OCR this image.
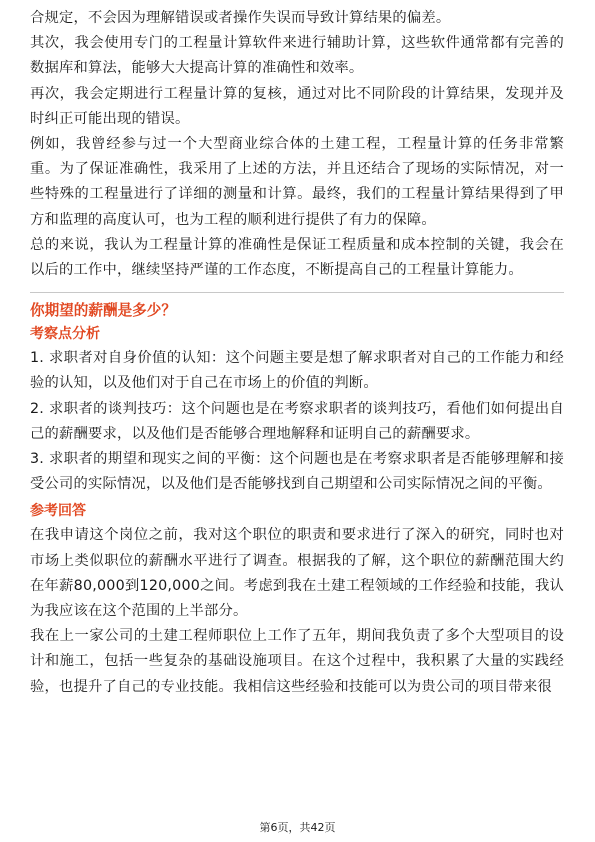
合规定，不会因为理解错误或者操作失误而导致计算结果的偏差。

其次，我会使用专门的工程量计算软件来进行辅助计算，这些软件通常都有完善的数据库和算法，能够大大提高计算的准确性和效率。

再次，我会定期进行工程量计算的复核，通过对比不同阶段的计算结果，发现并及时纠正可能出现的错误。

例如，我曾经参与过一个大型商业综合体的土建工程，工程量计算的任务非常繁重。为了保证准确性，我采用了上述的方法，并且还结合了现场的实际情况，对一些特殊的工程量进行了详细的测量和计算。最终，我们的工程量计算结果得到了甲方和监理的高度认可，也为工程的顺利进行提供了有力的保障。

总的来说，我认为工程量计算的准确性是保证工程质量和成本控制的关键，我会在以后的工作中，继续坚持严谨的工作态度，不断提高自己的工程量计算能力。

你期望的薪酬是多少？

考察点分析

1. 求职者对自身价值的认知：这个问题主要是想了解求职者对自己的工作能力和经验的认知，以及他们对于自己在市场上的价值的判断。

2. 求职者的谈判技巧：这个问题也是在考察求职者的谈判技巧，看他们如何提出自己的薪酬要求，以及他们是否能够合理地解释和证明自己的薪酬要求。

3. 求职者的期望和现实之间的平衡：这个问题也是在考察求职者是否能够理解和接受公司的实际情况，以及他们是否能够找到自己期望和公司实际情况之间的平衡。

参考回答

在我申请这个岗位之前，我对这个职位的职责和要求进行了深入的研究，同时也对市场上类似职位的薪酬水平进行了调查。根据我的了解，这个职位的薪酬范围大约在年薪80,000到120,000之间。考虑到我在土建工程领域的工作经验和技能，我认为我应该在这个范围的上半部分。

我在上一家公司的土建工程师职位上工作了五年，期间我负责了多个大型项目的设计和施工，包括一些复杂的基础设施项目。在这个过程中，我积累了大量的实践经验，也提升了自己的专业技能。我相信这些经验和技能可以为贵公司的项目带来很

第6页，共42页
